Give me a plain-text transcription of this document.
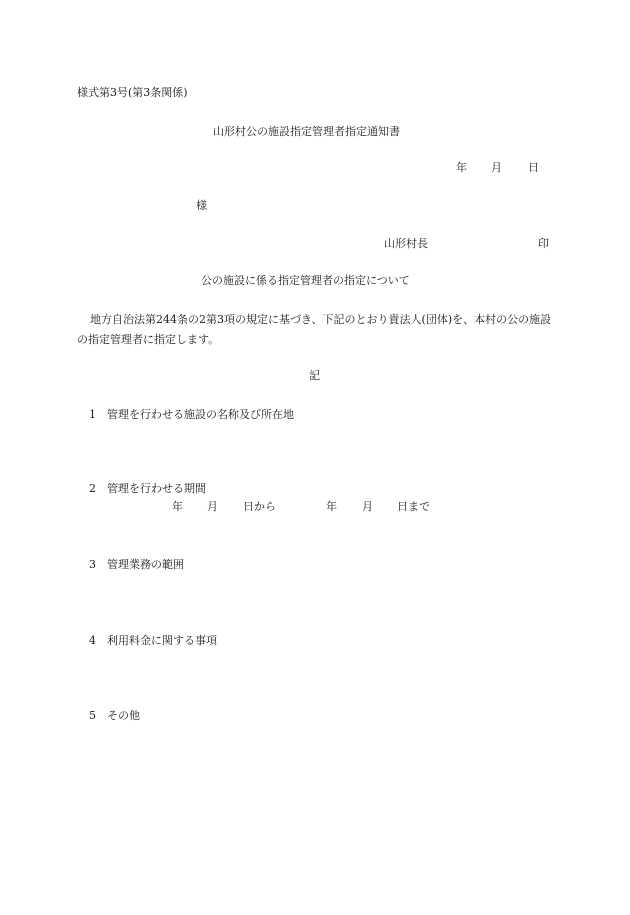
様式第3号(第3条関係)
山形村公の施設指定管理者指定通知書
年 月 日
様
山形村長	印
公の施設に係る指定管理者の指定について
地方自治法第244条の2第3項の規定に基づき、下記のとおり貴法人(団体)を、本村の公の施設の指定管理者に指定します。
記
1 管理を行わせる施設の名称及び所在地
2 管理を行わせる期間
年 月 日から	年 月 日まで
3 管理業務の範囲
4 利用料金に関する事項
5 その他
